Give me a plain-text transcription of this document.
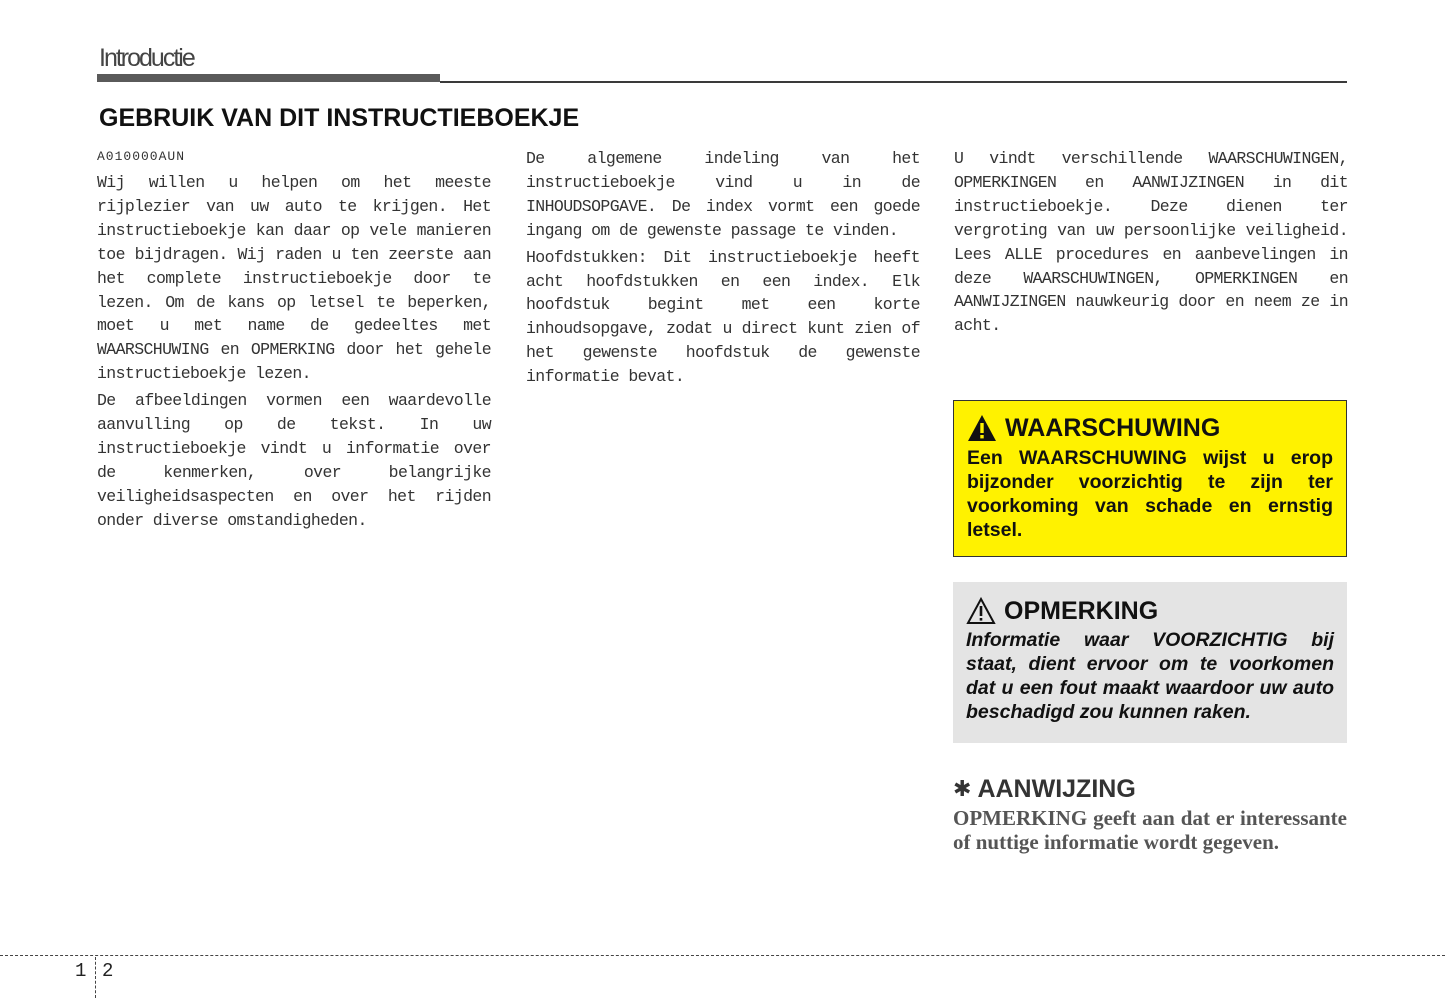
Introductie
GEBRUIK VAN DIT INSTRUCTIEBOEKJE
A010000AUN

Wij willen u helpen om het meeste rijplezier van uw auto te krijgen. Het instructieboekje kan daar op vele manieren toe bijdragen. Wij raden u ten zeerste aan het complete instructieboekje door te lezen. Om de kans op letsel te beperken, moet u met name de gedeeltes met WAARSCHUWING en OPMERKING door het gehele instructieboekje lezen.

De afbeeldingen vormen een waardevolle aanvulling op de tekst. In uw instructieboekje vindt u informatie over de kenmerken, over belangrijke veiligheidsaspecten en over het rijden onder diverse omstandigheden.

De algemene indeling van het instructieboekje vind u in de INHOUDSOPGAVE. De index vormt een goede ingang om de gewenste passage te vinden.

Hoofdstukken: Dit instructieboekje heeft acht hoofdstukken en een index. Elk hoofdstuk begint met een korte inhoudsopgave, zodat u direct kunt zien of het gewenste hoofdstuk de gewenste informatie bevat.

U vindt verschillende WAARSCHUWINGEN, OPMERKINGEN en AANWIJZINGEN in dit instructieboekje. Deze dienen ter vergroting van uw persoonlijke veiligheid. Lees ALLE procedures en aanbevelingen in deze WAARSCHUWINGEN, OPMERKINGEN en AANWIJZINGEN nauwkeurig door en neem ze in acht.

WAARSCHUWING
Een WAARSCHUWING wijst u erop bijzonder voorzichtig te zijn ter voorkoming van schade en ernstig letsel.
OPMERKING
Informatie waar VOORZICHTIG bij staat, dient ervoor om te voorkomen dat u een fout maakt waardoor uw auto beschadigd zou kunnen raken.
✱ AANWIJZING
OPMERKING geeft aan dat er interessante of nuttige informatie wordt gegeven.
1 2
